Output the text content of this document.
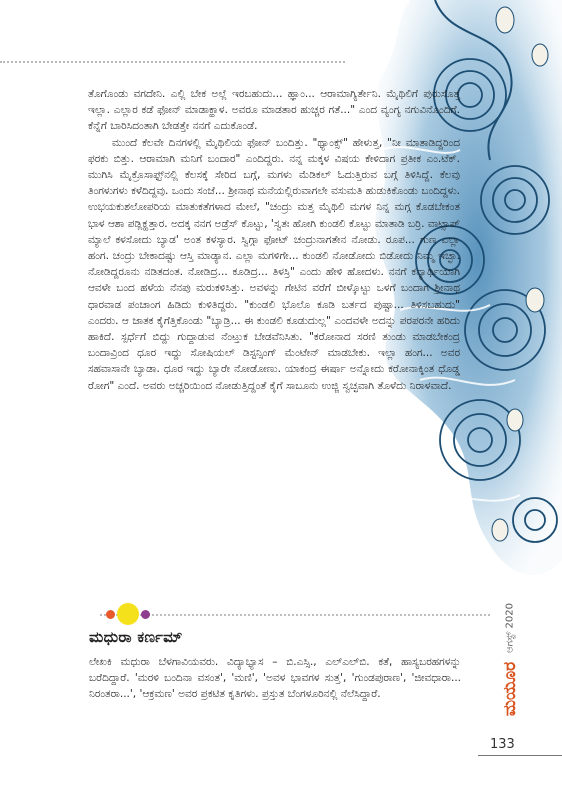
ತೊಗೊಂಡು ವಗದೇನಿ. ಎಲ್ಲಿ ಬೇಕ ಅಲ್ಲೆ ಇರಬಹುದು... ಹ್ಞಾಂ... ಆರಾಮಾಗ್ಯಿರ್ತೇನಿ. ಮೈಥಿಲಿಗೆ ಪುರುಸೊತ್ತ ಇಲ್ಲಾ. ಎಲ್ಲಾರ ಕಡೆ ಫೋನ್ ಮಾಡಾಕ್ಹಾಳ. ಅವರೂ ಮಾಡತಾರ ಹುಚ್ಚರ ಗತೆ..." ಎಂದ ವ್ಯಂಗ್ಯ ನಗುವಿನೊಂದಿಗೆ. ಕೆನ್ನೆಗೆ ಬಾರಿಸಿದಂತಾಗಿ ಬೇಡತ್ತೇ ನನಗೆ ಎದುಕೊಂಡೆ.

ಮುಂದೆ ಕೆಲವೇ ದಿನಗಳಲ್ಲಿ ಮೈಥಿಲಿಯ ಫೋನ್ ಬಂದಿತ್ತು. "ಥ್ಯಾಂಕ್ಸ್" ಹೇಳುತ್ತ, "ನೀ ಮಾತಾಡಿದ್ದರಿಂದ ಫರಕು ಬಿತ್ತು. ಆರಾಮಾಗಿ ಮನಿಗೆ ಬಂದಾರ" ಎಂದಿದ್ದರು. ನನ್ನ ಮಕ್ಕಳ ವಿಷಯ ಕೇಳಿದಾಗ ಪ್ರತೀಕ ಎಂ.ಟೆಕ್. ಮುಗಿಸಿ ಮೈಕ್ರೊಸಾಫ್ಟ್‌ನಲ್ಲಿ ಕೆಲಸಕ್ಕೆ ಸೇರಿದ ಬಗ್ಗೆ, ಮಗಳು ಮೆಡಿಕಲ್ ಓದುತ್ತಿರುವ ಬಗ್ಗೆ ತಿಳಿಸಿದ್ದೆ. ಕೆಲವು ತಿಂಗಳುಗಳು ಕಳೆದಿದ್ದವು. ಒಂದು ಸಂಜೆ... ಶ್ರೀನಾಥ ಮನೆಯಲ್ಲಿರುವಾಗಲೇ ವಸುಮತಿ ಹುಡುಕಿಕೊಂಡು ಬಂದಿದ್ದಳು. ಉಭಯಕುಶಲೋಪರಿಯ ಮಾತುಕತೆಗಳಾದ ಮೇಲೆ, "ಚಂದ್ರು ಮತ್ತ ಮೈಥಿಲಿ ಮಗಳ ನಿನ್ನ ಮಗ್ಗ ಕೊಡಬೇಕಂತ ಭಾಳ ಆಶಾ ಪಡ್ಲಿಕ್ಹತ್ತಾರ. ಅದಕ್ಕ ನನಗ ಅಡ್ರೆಸ್ ಕೊಟ್ಟು, 'ಸ್ವತಃ ಹೋಗಿ ಕುಂಡಲಿ ಕೊಟ್ಟು ಮಾತಾಡಿ ಬರ್ರಿ. ವಾಟ್ಸಾಪ್ ಮ್ಯಾಲೆ ಕಳಸೋದು ಬ್ಯಾಡ' ಅಂತ ಕಳಸ್ಯಾರ. ಸ್ವಿಗ್ಗಾ ಫೋಟ್ ಚಂದ್ರುನಾಗತೇನ ನೋಡು. ರೂಪ... ಗುಣ ಎಲ್ಲಾ ಹಂಗ. ಚಂದ್ರು ಬೇಕಾದಷ್ಟು ಆಸ್ತಿ ಮಾಡ್ಯಾನ. ಎಲ್ಲಾ ಮಗಳಿಗೇ... ಕುಂಡಲಿ ನೋಡೋದು ಬಿಡೋದು ನಿಮ್ಮ ಇಚ್ಛಾ. ನೋಡಿದ್ದರೂನು ನಡಿತದಂತ. ನೋಡಿದ್ರ... ಕೂಡಿದ್ರ... ತಿಳಸ್ರಿ" ಎಂದು ಹೇಳಿ ಹೋದಳು. ನನಗೆ ಕನ್ಯಾರ್ಥಿಯಾಗಿ ಆವಳೇ ಬಂದ ಹಳೆಯ ನೆನಪು ಮರುಕಳಿಸಿತ್ತು. ಅವಳನ್ನು ಗೇಟಿನ ವರೆಗೆ ಬೀಳ್ಕೊಟ್ಟು ಒಳಗೆ ಬಂದಾಗ ಶ್ರೀನಾಥ ಧಾರವಾಡ ಪಂಚಾಂಗ ಹಿಡಿದು ಕುಳಿತಿದ್ದರು. "ಕುಂಡಲಿ ಭೊಲೊ ಕೂಡಿ ಬರ್ತದ ಪುಷ್ಟಾ... ತಿಳಿಸಬಹುದು" ಎಂದರು. ಆ ಜಾತಕ ಕೈಗೆತ್ತಿಕೊಂಡು "ಬ್ಯಾಡ್ರಿ... ಈ ಕುಂಡಲಿ ಕೂಡುದುಲ್ಲ" ಎಂದವಳೇ ಅದನ್ನು ಪರಪರನೇ ಹರಿದು ಹಾಕಿದೆ. ಸ್ಪರ್ಧೆಗೆ ಬಿದ್ದು ಗುದ್ದಾಡುವ ನೆಂಟ್ತುಕ ಬೇಡವೆನಿಸಿತು. "ಕರೋನಾದ ಸರಣಿ ತುಂಡು ಮಾಡಬೇಕಂದ್ರ ಬಂದಾವ್ರಿಂದ ಧೂರ ಇದ್ದು ಸೋಷಿಯಲ್ ಡಿಸ್ಟನ್ಸಿಂಗ್ ಮೆಂಟೇನ್ ಮಾಡಬೇಕು. ಇಲ್ಲಾ ಹಂಗ... ಅವರ ಸಹವಾಸಾನೇ ಬ್ಯಾಡಾ. ಧೂರ ಇದ್ದು ಬ್ಯಾರೇ ನೋಡೋಣು. ಯಾಕಂದ್ರ ಈರ್ಷಾ ಅನ್ನೋದು ಕರೋನಾಕ್ಕಿಂತ ಧೊಡ್ಡ ರೋಗ" ಎಂದೆ. ಅವರು ಅಚ್ಚರಿಯಿಂದ ನೋಡುತ್ತಿದ್ದಂತೆ ಕೈಗೆ ಸಾಬೂನು ಉಜ್ಜಿ ಸ್ವಚ್ಛವಾಗಿ ತೊಳೆದು ನಿರಾಳವಾದೆ.

ಮಧುರಾ ಕರ್ಣಮ್
ಲೇಖಕಿ ಮಧುರಾ ಬೆಳಗಾವಿಯವರು. ವಿದ್ಯಾಭ್ಯಾಸ – ಬಿ.ಎಸ್ಸಿ., ಎಲ್‌ಎಲ್‌ಬಿ. ಕತೆ, ಹಾಸ್ಯಬರಹಗಳನ್ನು ಬರೆದಿದ್ದಾರೆ. 'ಮರಳಿ ಬಂದಿನಾ ವಸಂತ', 'ಮಣಿ', 'ಅವಳ ಭಾವಗಳ ಸುತ್ತ', 'ಗುಂಡಪುರಾಣ', 'ಜೀವಧಾರಾ... ನಿರಂತರಾ...', 'ಆಕ್ರಮಣ' ಅವರ ಪ್ರಕಟಿತ ಕೃತಿಗಳು. ಪ್ರಸ್ತುತ ಬೆಂಗಳೂರಿನಲ್ಲಿ ನೆಲೆಸಿದ್ದಾರೆ.
ಆಗಸ್ಟ್ 2020
ಮಯೂರ
133
